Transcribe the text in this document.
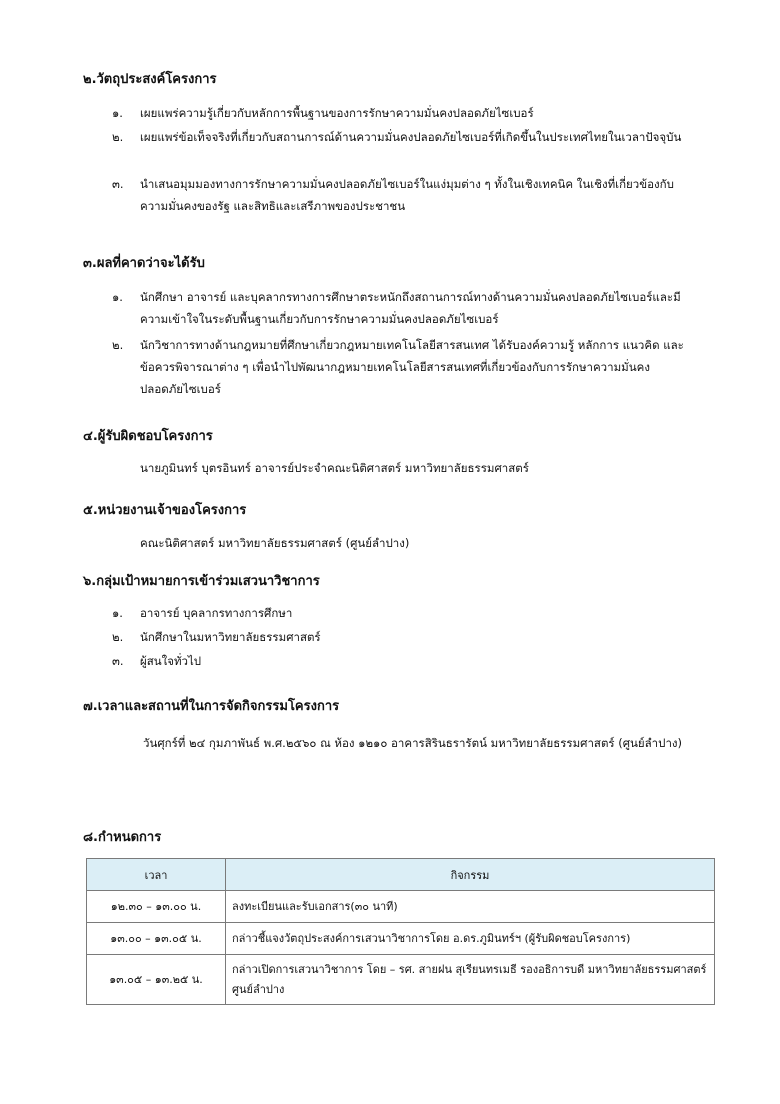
๒.วัตถุประสงค์โครงการ
๑.	เผยแพร่ความรู้เกี่ยวกับหลักการพื้นฐานของการรักษาความมั่นคงปลอดภัยไซเบอร์
๒.	เผยแพร่ข้อเท็จจริงที่เกี่ยวกับสถานการณ์ด้านความมั่นคงปลอดภัยไซเบอร์ที่เกิดขึ้นในประเทศไทยในเวลาปัจจุบัน
๓.	นำเสนอมุมมองทางการรักษาความมั่นคงปลอดภัยไซเบอร์ในแง่มุมต่าง ๆ ทั้งในเชิงเทคนิค ในเชิงที่เกี่ยวข้องกับความมั่นคงของรัฐ และสิทธิและเสรีภาพของประชาชน
๓.ผลที่คาดว่าจะได้รับ
๑.	นักศึกษา อาจารย์ และบุคลากรทางการศึกษาตระหนักถึงสถานการณ์ทางด้านความมั่นคงปลอดภัยไซเบอร์และมีความเข้าใจในระดับพื้นฐานเกี่ยวกับการรักษาความมั่นคงปลอดภัยไซเบอร์
๒.	นักวิชาการทางด้านกฎหมายที่ศึกษาเกี่ยวกฎหมายเทคโนโลยีสารสนเทศ ได้รับองค์ความรู้ หลักการ แนวคิด และข้อควรพิจารณาต่าง ๆ เพื่อนำไปพัฒนากฎหมายเทคโนโลยีสารสนเทศที่เกี่ยวข้องกับการรักษาความมั่นคงปลอดภัยไซเบอร์
๔.ผู้รับผิดชอบโครงการ
นายภูมินทร์ บุตรอินทร์ อาจารย์ประจำคณะนิติศาสตร์ มหาวิทยาลัยธรรมศาสตร์
๕.หน่วยงานเจ้าของโครงการ
คณะนิติศาสตร์ มหาวิทยาลัยธรรมศาสตร์ (ศูนย์ลำปาง)
๖.กลุ่มเป้าหมายการเข้าร่วมเสวนาวิชาการ
๑.	อาจารย์ บุคลากรทางการศึกษา
๒.	นักศึกษาในมหาวิทยาลัยธรรมศาสตร์
๓.	ผู้สนใจทั่วไป
๗.เวลาและสถานที่ในการจัดกิจกรรมโครงการ
วันศุกร์ที่ ๒๔ กุมภาพันธ์ พ.ศ.๒๕๖๐ ณ ห้อง ๑๒๑๐ อาคารสิรินธรารัตน์ มหาวิทยาลัยธรรมศาสตร์ (ศูนย์ลำปาง)
๘.กำหนดการ
เวลา	กิจกรรม
๑๒.๓๐ – ๑๓.๐๐ น.	ลงทะเบียนและรับเอกสาร(๓๐ นาที)
๑๓.๐๐ – ๑๓.๐๕ น.	กล่าวชี้แจงวัตถุประสงค์การเสวนาวิชาการโดย อ.ดร.ภูมินทร์ฯ (ผู้รับผิดชอบโครงการ)
๑๓.๐๕ – ๑๓.๒๕ น.	กล่าวเปิดการเสวนาวิชาการ โดย – รศ. สายฝน สุเรียนทรเมธี รองอธิการบดี มหาวิทยาลัยธรรมศาสตร์ ศูนย์ลำปาง
